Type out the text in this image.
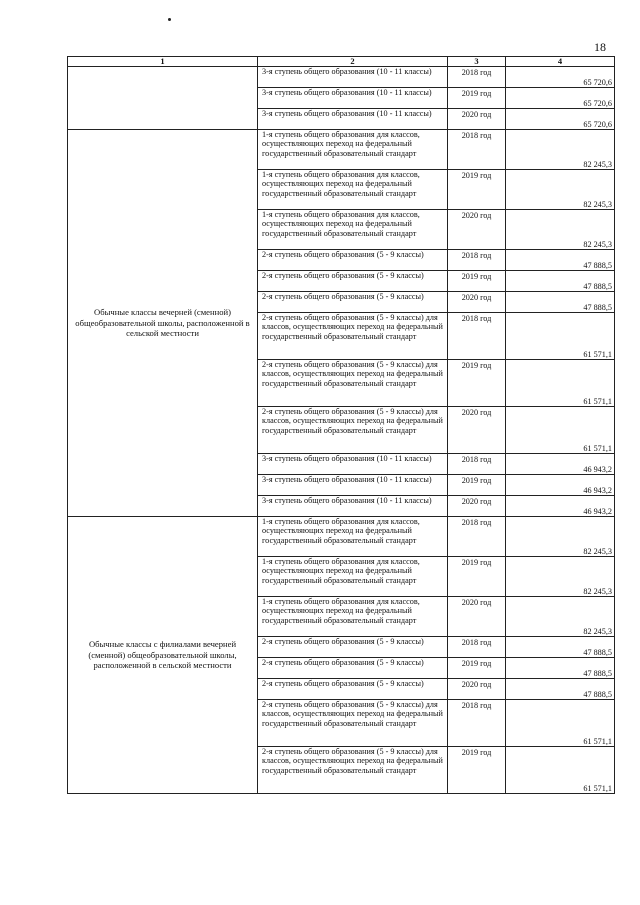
18
1	2	3	4
	3-я ступень общего образования (10 - 11 классы)	2018 год	65 720,6
	3-я ступень общего образования (10 - 11 классы)	2019 год	65 720,6
	3-я ступень общего образования (10 - 11 классы)	2020 год	65 720,6
Обычные классы вечерней (сменной) общеобразовательной школы, расположенной в сельской местности	1-я ступень общего образования для классов, осуществляющих переход на федеральный государственный образовательный стандарт	2018 год	82 245,3
	1-я ступень общего образования для классов, осуществляющих переход на федеральный государственный образовательный стандарт	2019 год	82 245,3
	1-я ступень общего образования для классов, осуществляющих переход на федеральный государственный образовательный стандарт	2020 год	82 245,3
	2-я ступень общего образования (5 - 9 классы)	2018 год	47 888,5
	2-я ступень общего образования (5 - 9 классы)	2019 год	47 888,5
	2-я ступень общего образования (5 - 9 классы)	2020 год	47 888,5
	2-я ступень общего образования (5 - 9 классы) для классов, осуществляющих переход на федеральный государственный образовательный стандарт	2018 год	61 571,1
	2-я ступень общего образования (5 - 9 классы) для классов, осуществляющих переход на федеральный государственный образовательный стандарт	2019 год	61 571,1
	2-я ступень общего образования (5 - 9 классы) для классов, осуществляющих переход на федеральный государственный образовательный стандарт	2020 год	61 571,1
	3-я ступень общего образования (10 - 11 классы)	2018 год	46 943,2
	3-я ступень общего образования (10 - 11 классы)	2019 год	46 943,2
	3-я ступень общего образования (10 - 11 классы)	2020 год	46 943,2
Обычные классы с филиалами вечерней (сменной) общеобразовательной школы, расположенной в сельской местности	1-я ступень общего образования для классов, осуществляющих переход на федеральный государственный образовательный стандарт	2018 год	82 245,3
	1-я ступень общего образования для классов, осуществляющих переход на федеральный государственный образовательный стандарт	2019 год	82 245,3
	1-я ступень общего образования для классов, осуществляющих переход на федеральный государственный образовательный стандарт	2020 год	82 245,3
	2-я ступень общего образования (5 - 9 классы)	2018 год	47 888,5
	2-я ступень общего образования (5 - 9 классы)	2019 год	47 888,5
	2-я ступень общего образования (5 - 9 классы)	2020 год	47 888,5
	2-я ступень общего образования (5 - 9 классы) для классов, осуществляющих переход на федеральный государственный образовательный стандарт	2018 год	61 571,1
	2-я ступень общего образования (5 - 9 классы) для классов, осуществляющих переход на федеральный государственный образовательный стандарт	2019 год	61 571,1
